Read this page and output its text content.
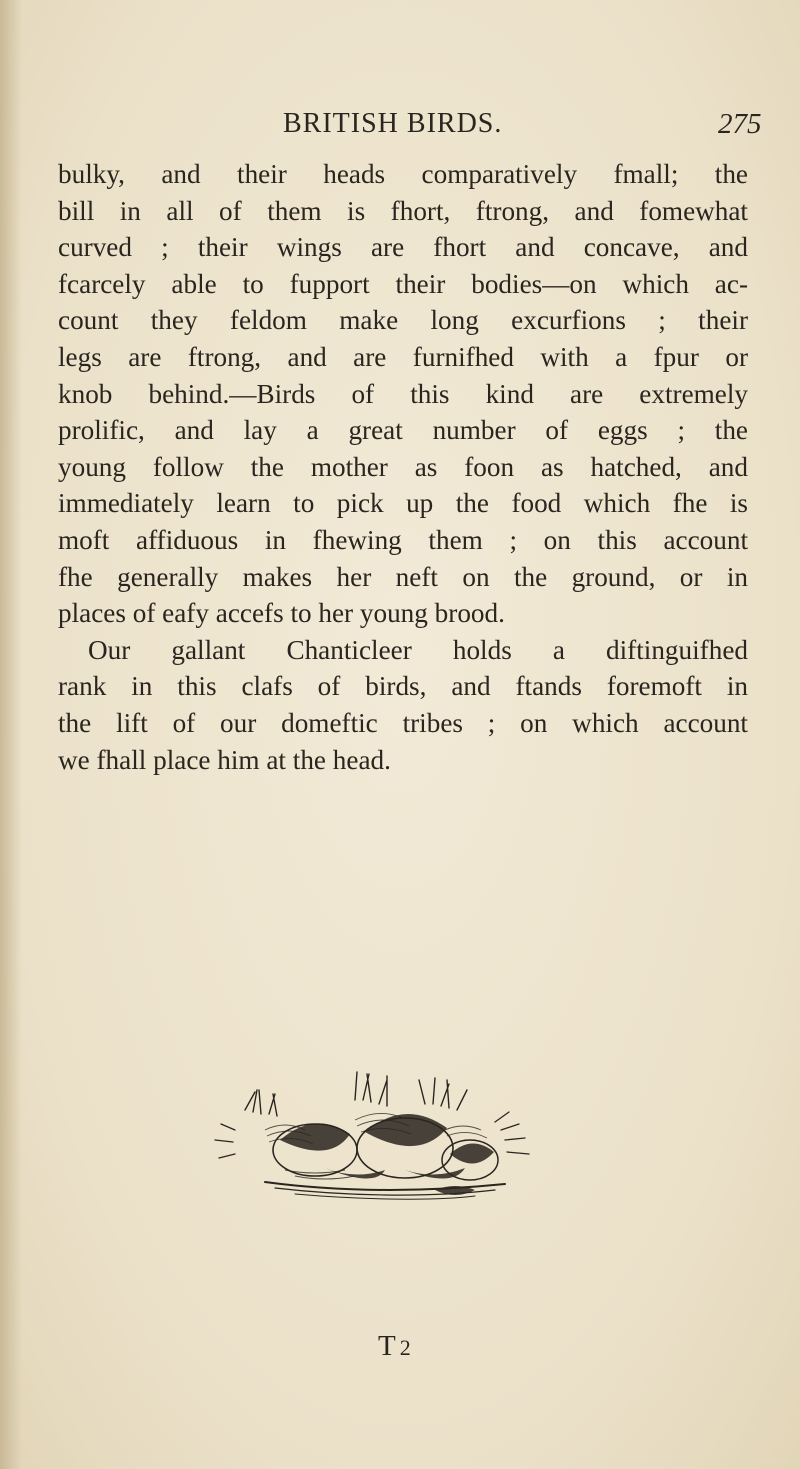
BRITISH BIRDS.	275
bulky, and their heads comparatively fmall; the
bill in all of them is fhort, ftrong, and fomewhat
curved ; their wings are fhort and concave, and
fcarcely able to fupport their bodies—on which ac-
count they feldom make long excurfions ; their
legs are ftrong, and are furnifhed with a fpur or
knob behind.—Birds of this kind are extremely
prolific, and lay a great number of eggs ; the
young follow the mother as foon as hatched, and
immediately learn to pick up the food which fhe is
moft affiduous in fhewing them ; on this account
fhe generally makes her neft on the ground, or in
places of eafy accefs to her young brood.
Our gallant Chanticleer holds a diftinguifhed
rank in this clafs of birds, and ftands foremoft in
the lift of our domeftic tribes ; on which account
we fhall place him at the head.
T 2
